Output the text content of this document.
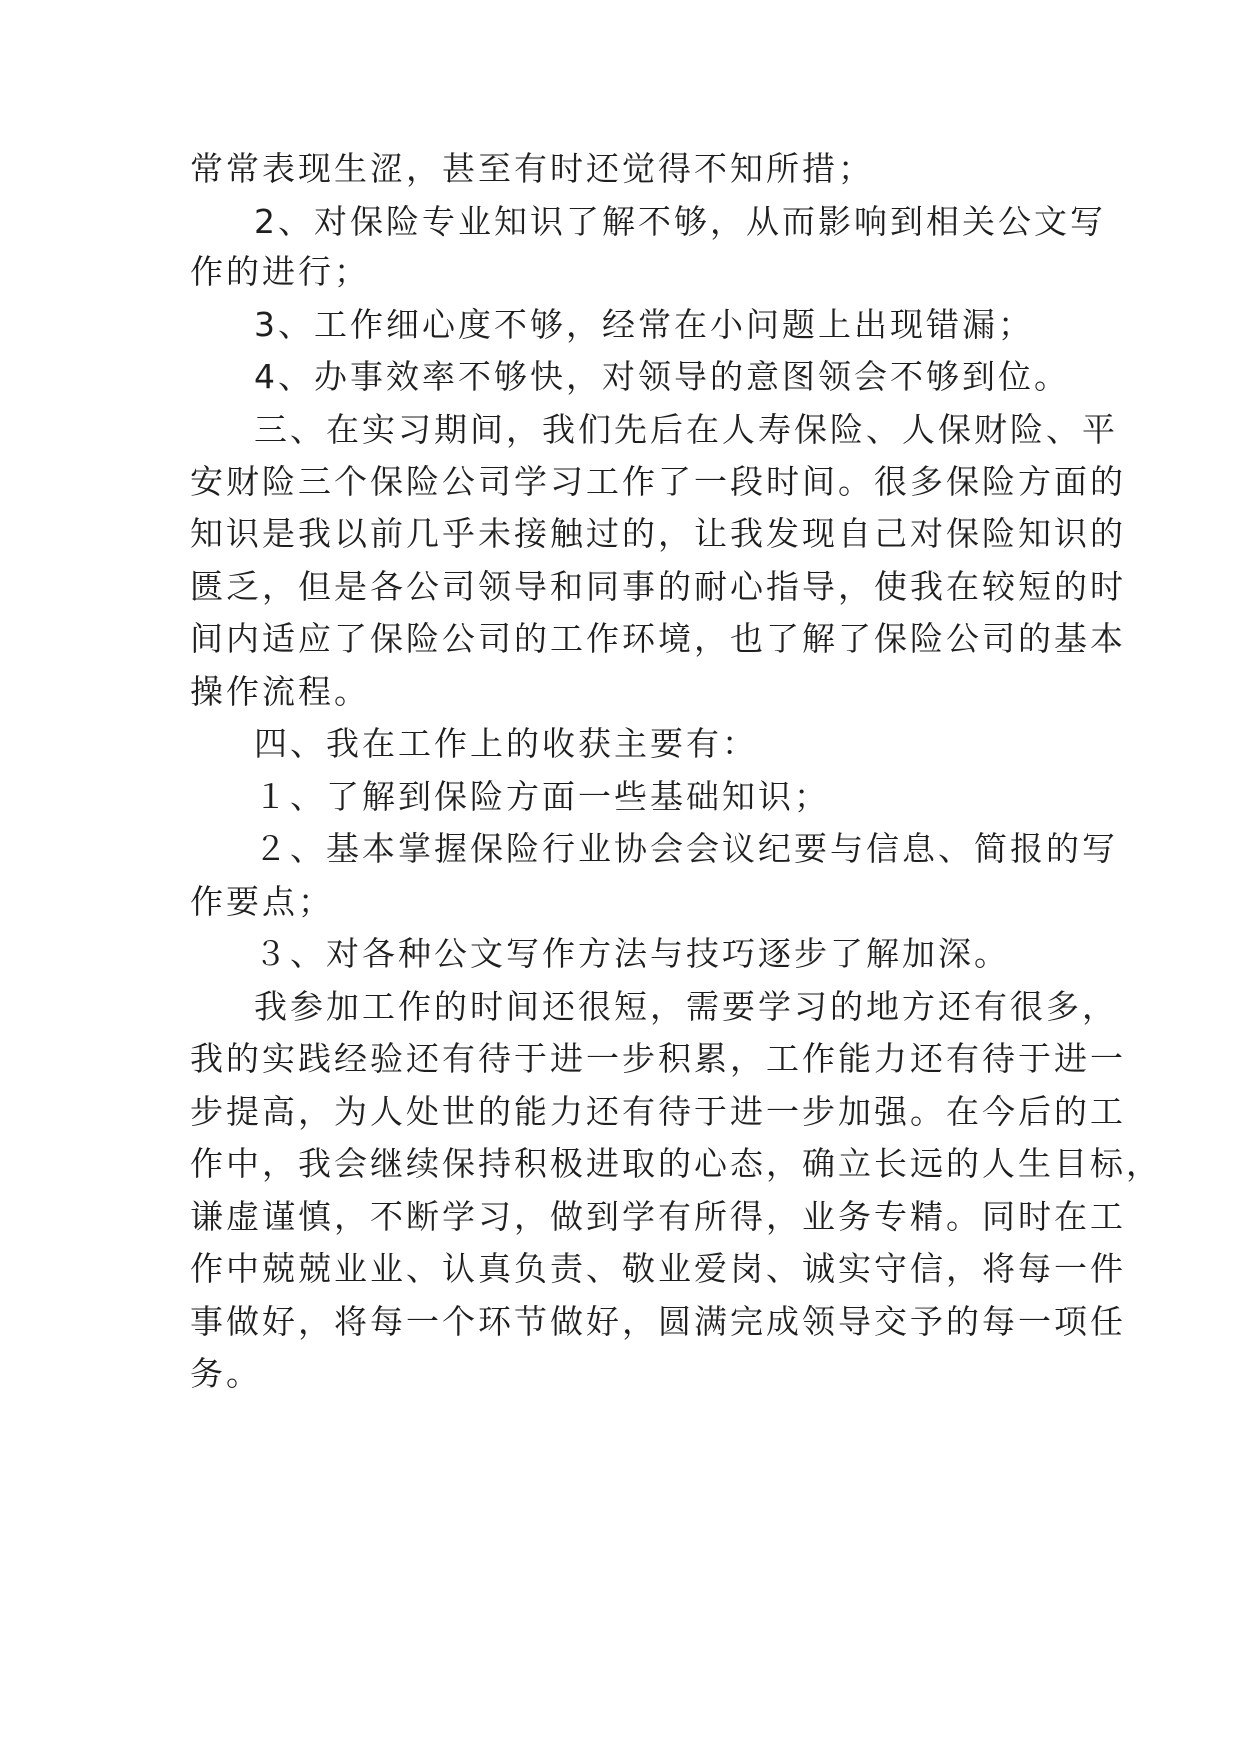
常常表现生涩，甚至有时还觉得不知所措；
2、对保险专业知识了解不够，从而影响到相关公文写
作的进行；
3、工作细心度不够，经常在小问题上出现错漏；
4、办事效率不够快，对领导的意图领会不够到位。
三、在实习期间，我们先后在人寿保险、人保财险、平
安财险三个保险公司学习工作了一段时间。很多保险方面的
知识是我以前几乎未接触过的，让我发现自己对保险知识的
匮乏，但是各公司领导和同事的耐心指导，使我在较短的时
间内适应了保险公司的工作环境，也了解了保险公司的基本
操作流程。
四、我在工作上的收获主要有：
１、了解到保险方面一些基础知识；
２、基本掌握保险行业协会会议纪要与信息、简报的写
作要点；
３、对各种公文写作方法与技巧逐步了解加深。
我参加工作的时间还很短，需要学习的地方还有很多，
我的实践经验还有待于进一步积累，工作能力还有待于进一
步提高，为人处世的能力还有待于进一步加强。在今后的工
作中，我会继续保持积极进取的心态，确立长远的人生目标，
谦虚谨慎，不断学习，做到学有所得，业务专精。同时在工
作中兢兢业业、认真负责、敬业爱岗、诚实守信，将每一件
事做好，将每一个环节做好，圆满完成领导交予的每一项任
务。
